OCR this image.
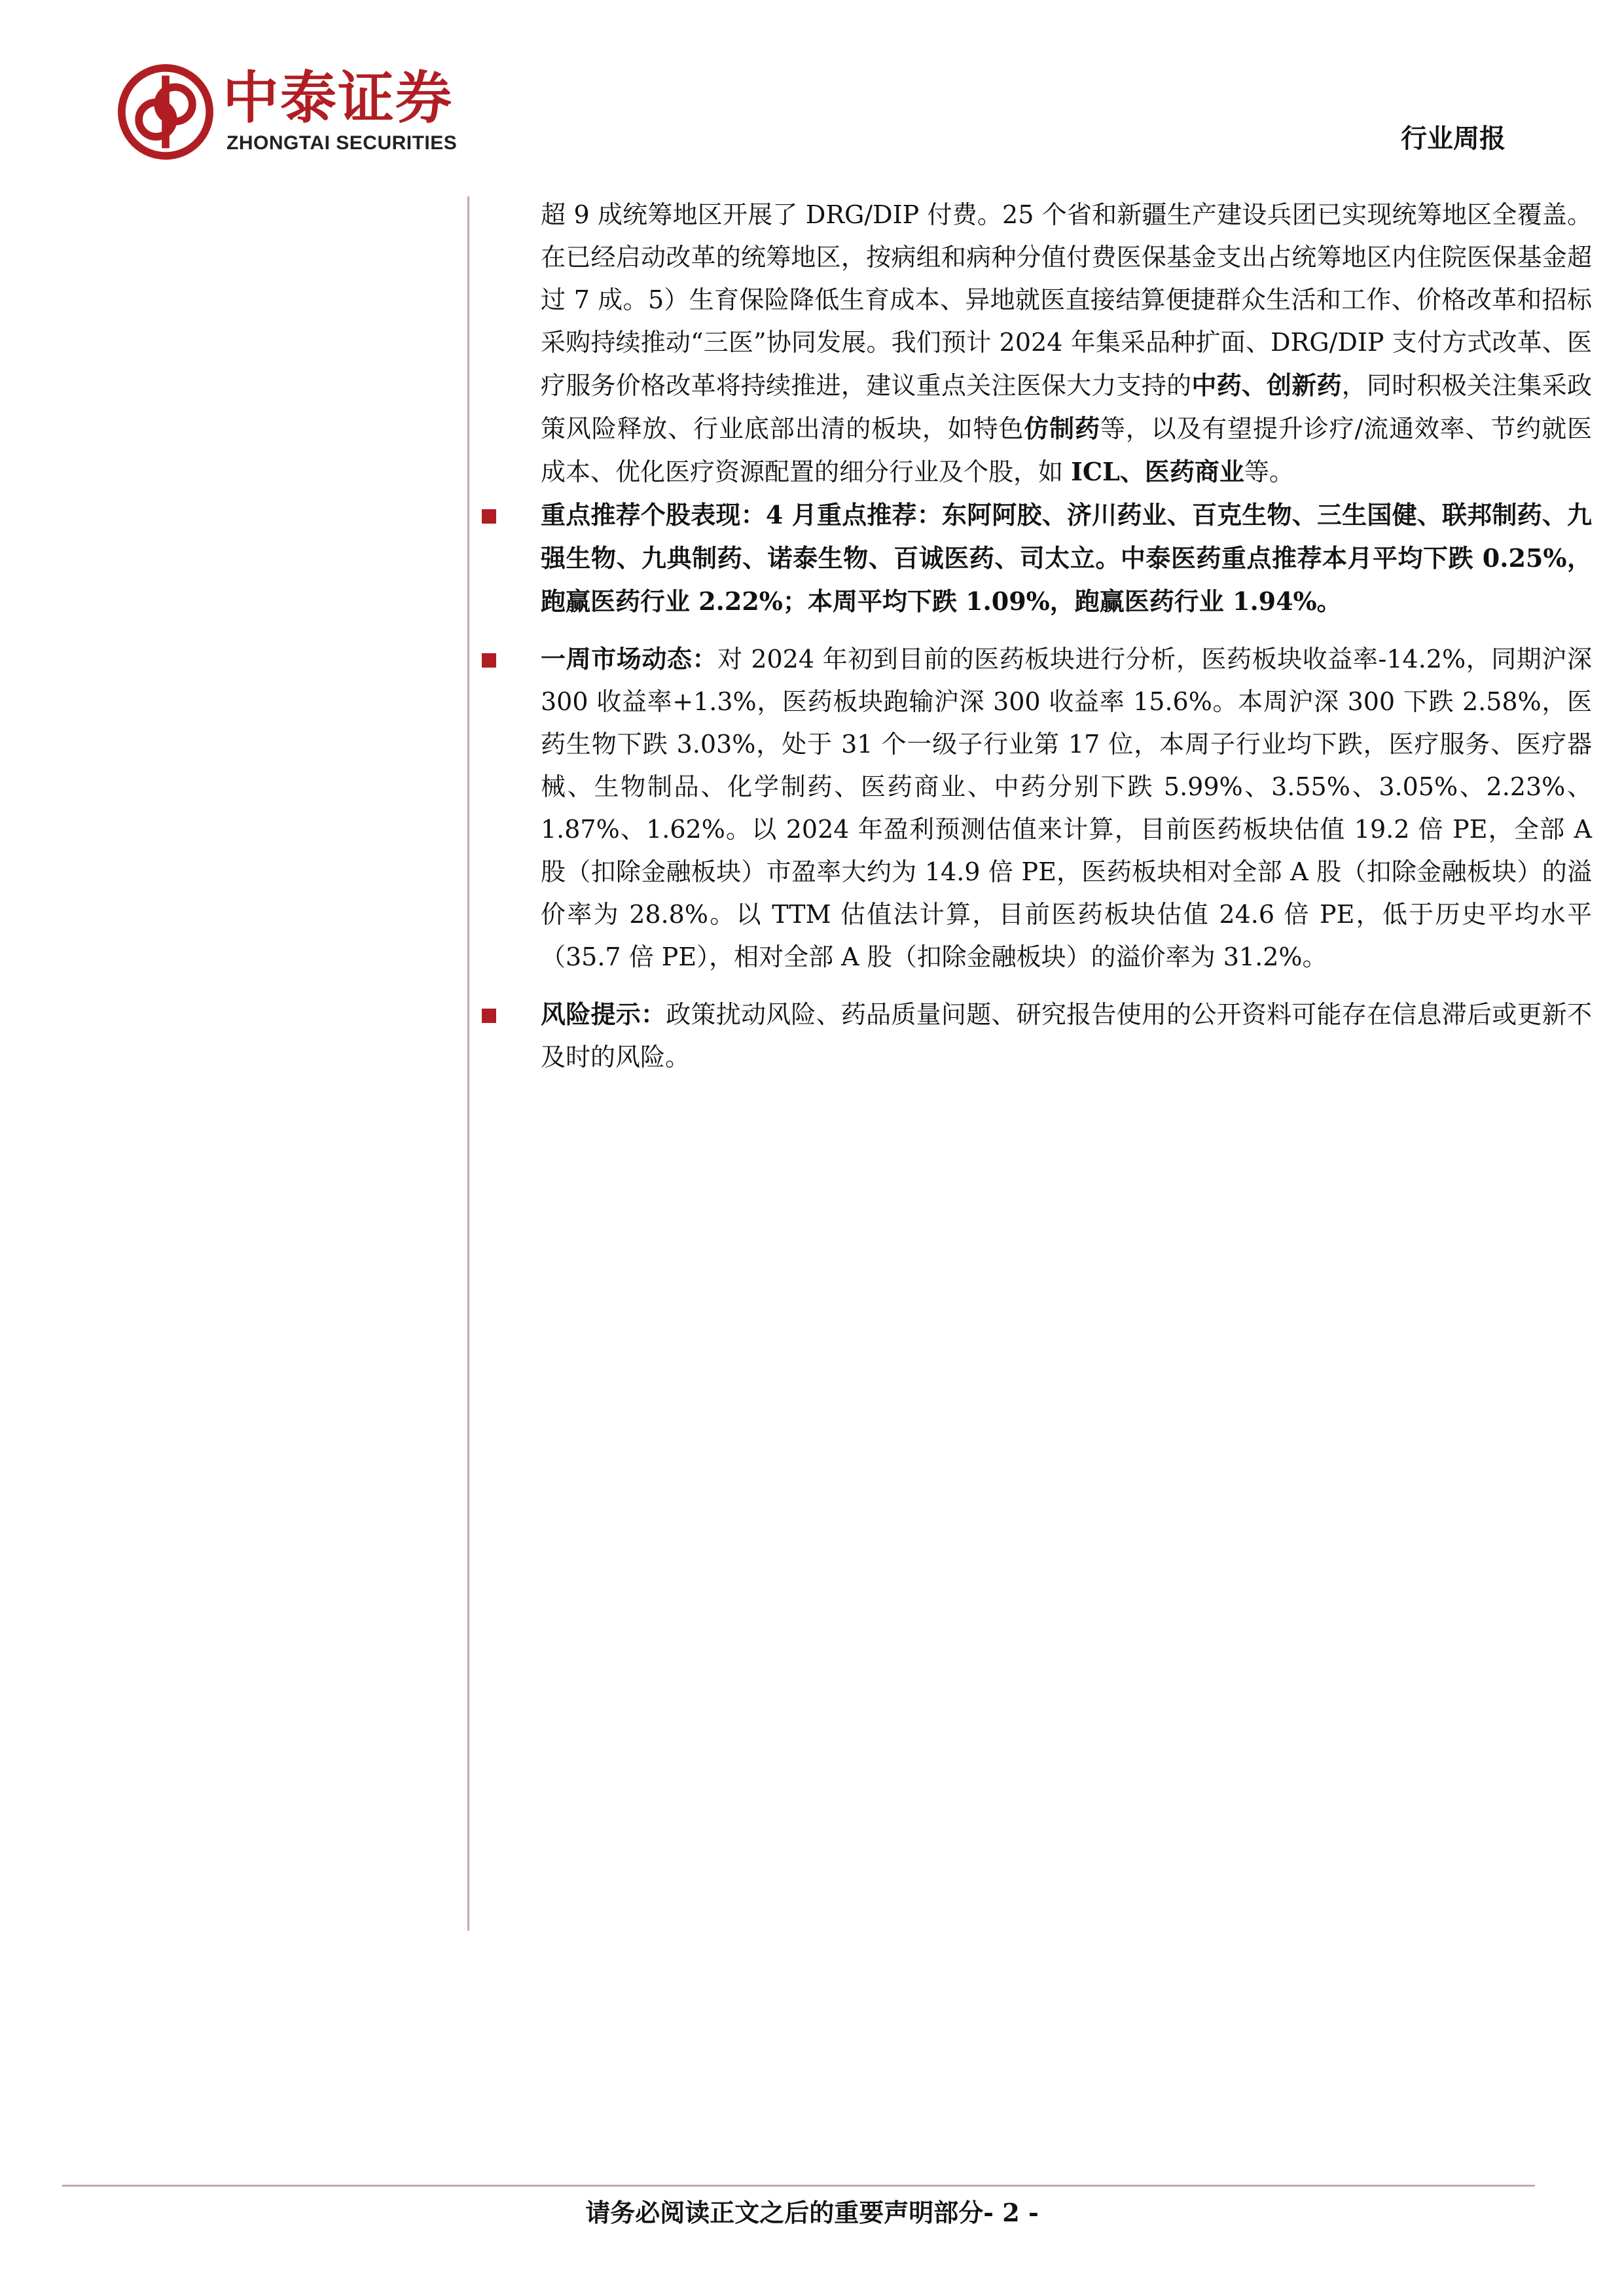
中泰证券
ZHONGTAI SECURITIES	行业周报

超 9 成统筹地区开展了 DRG/DIP 付费。25 个省和新疆生产建设兵团已实现统筹地区全覆盖。在已经启动改革的统筹地区，按病组和病种分值付费医保基金支出占统筹地区内住院医保基金超过 7 成。5）生育保险降低生育成本、异地就医直接结算便捷群众生活和工作、价格改革和招标采购持续推动“三医”协同发展。我们预计 2024 年集采品种扩面、DRG/DIP 支付方式改革、医疗服务价格改革将持续推进，建议重点关注医保大力支持的中药、创新药，同时积极关注集采政策风险释放、行业底部出清的板块，如特色仿制药等，以及有望提升诊疗/流通效率、节约就医成本、优化医疗资源配置的细分行业及个股，如 ICL、医药商业等。

重点推荐个股表现：4 月重点推荐：东阿阿胶、济川药业、百克生物、三生国健、联邦制药、九强生物、九典制药、诺泰生物、百诚医药、司太立。中泰医药重点推荐本月平均下跌 0.25%，跑赢医药行业 2.22%；本周平均下跌 1.09%，跑赢医药行业 1.94%。

一周市场动态：对 2024 年初到目前的医药板块进行分析，医药板块收益率-14.2%，同期沪深 300 收益率+1.3%，医药板块跑输沪深 300 收益率 15.6%。本周沪深 300 下跌 2.58%，医药生物下跌 3.03%，处于 31 个一级子行业第 17 位，本周子行业均下跌，医疗服务、医疗器械、生物制品、化学制药、医药商业、中药分别下跌 5.99%、3.55%、3.05%、2.23%、1.87%、1.62%。以 2024 年盈利预测估值来计算，目前医药板块估值 19.2 倍 PE，全部 A 股（扣除金融板块）市盈率大约为 14.9 倍 PE，医药板块相对全部 A 股（扣除金融板块）的溢价率为 28.8%。以 TTM 估值法计算，目前医药板块估值 24.6 倍 PE，低于历史平均水平（35.7 倍 PE），相对全部 A 股（扣除金融板块）的溢价率为 31.2%。

风险提示：政策扰动风险、药品质量问题、研究报告使用的公开资料可能存在信息滞后或更新不及时的风险。

请务必阅读正文之后的重要声明部分- 2 -
